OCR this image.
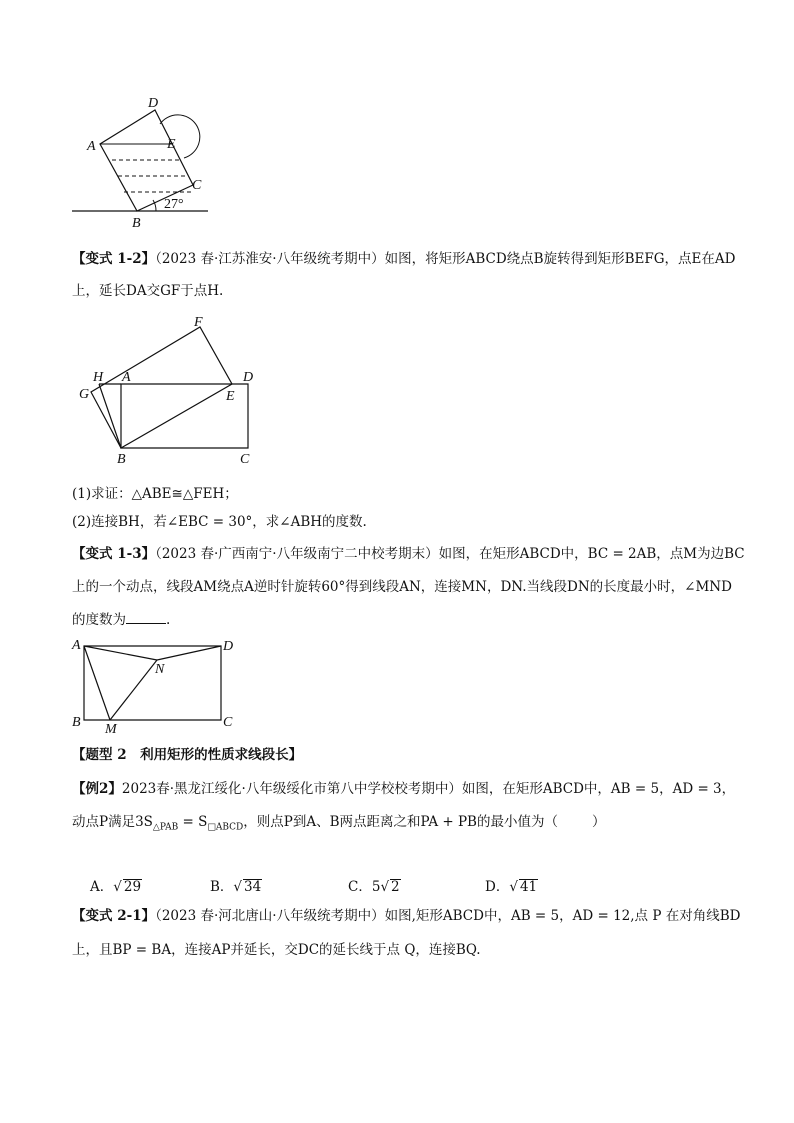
D
A	E
C
B
27°
【变式 1-2】（2023 春·江苏淮安·八年级统考期中）如图，将矩形ABCD绕点B旋转得到矩形BEFG，点E在AD
上，延长DA交GF于点H.
F
H A	D
G	E
B	C
(1)求证：△ABE≅△FEH；
(2)连接BH，若∠EBC = 30°，求∠ABH的度数.
【变式 1-3】（2023 春·广西南宁·八年级南宁二中校考期末）如图，在矩形ABCD中，BC = 2AB，点M为边BC
上的一个动点，线段AM绕点A逆时针旋转60°得到线段AN，连接MN，DN.当线段DN的长度最小时，∠MND
的度数为	.
A	D
N
B M	C
【题型 2　利用矩形的性质求线段长】
【例2】2023春·黑龙江绥化·八年级绥化市第八中学校校考期中）如图，在矩形ABCD中，AB = 5，AD = 3，
动点P满足$3S_{\triangle PAB} = S_{□ABCD}$，则点P到A、B两点距离之和PA + PB的最小值为（	）
A．√ 29	B．√ 34	C．5√ 2	D．√ 41
【变式 2-1】（2023 春·河北唐山·八年级统考期中）如图,矩形ABCD中，AB = 5，AD = 12,点 P 在对角线BD
上，且BP = BA，连接AP并延长，交DC的延长线于点 Q，连接BQ.
